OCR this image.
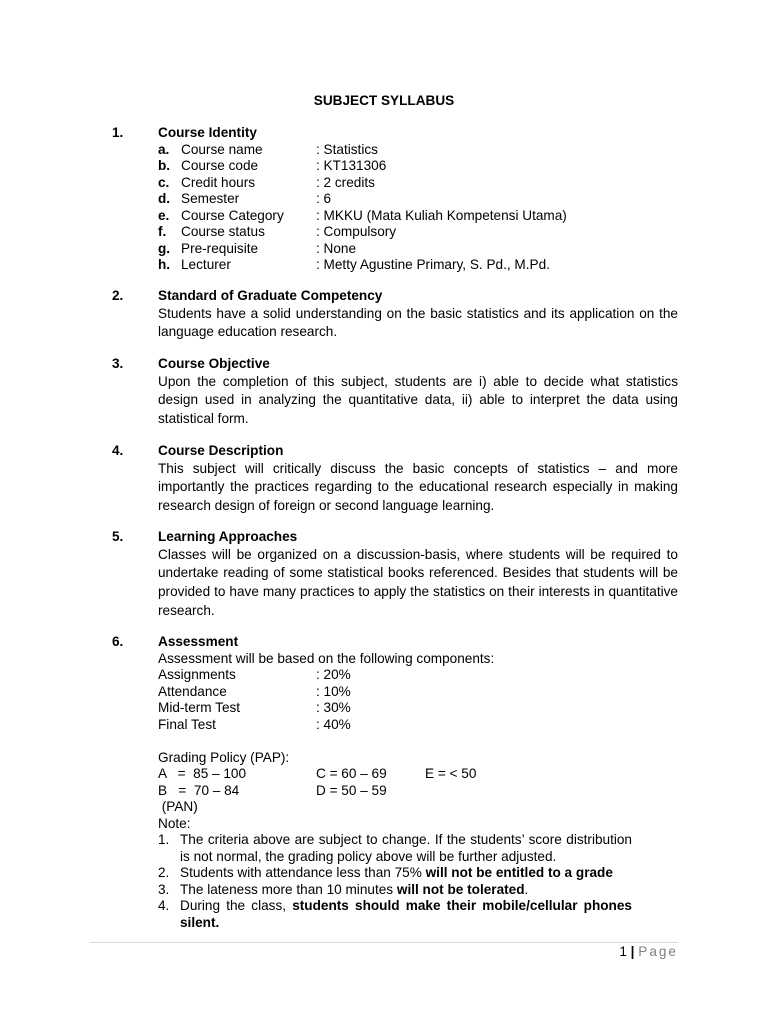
SUBJECT SYLLABUS
1.	Course Identity
a. Course name	: Statistics
b. Course code	: KT131306
c. Credit hours	: 2 credits
d. Semester	: 6
e. Course Category	: MKKU (Mata Kuliah Kompetensi Utama)
f.	Course status	: Compulsory
g. Pre-requisite	: None
h. Lecturer	: Metty Agustine Primary, S. Pd., M.Pd.
2.	Standard of Graduate Competency
Students have a solid understanding on the basic statistics and its application on the language education research.
3.	Course Objective
Upon the completion of this subject, students are i) able to decide what statistics design used in analyzing the quantitative data, ii) able to interpret the data using statistical form.
4.	Course Description
This subject will critically discuss the basic concepts of statistics – and more importantly the practices regarding to the educational research especially in making research design of foreign or second language learning.
5.	Learning Approaches
Classes will be organized on a discussion-basis, where students will be required to undertake reading of some statistical books referenced. Besides that students will be provided to have many practices to apply the statistics on their interests in quantitative research.
6.	Assessment
Assessment will be based on the following components:
Assignments	: 20%
Attendance	: 10%
Mid-term Test	: 30%
Final Test	: 40%
Grading Policy (PAP):
A   =  85 – 100	C = 60 – 69	E = < 50
B   =  70 – 84	D = 50 – 59
(PAN)
Note:
1. The criteria above are subject to change. If the students’ score distribution is not normal, the grading policy above will be further adjusted.
2. Students with attendance less than 75% will not be entitled to a grade
3. The lateness more than 10 minutes will not be tolerated.
4. During the class, students should make their mobile/cellular phones silent.
1 | Page
